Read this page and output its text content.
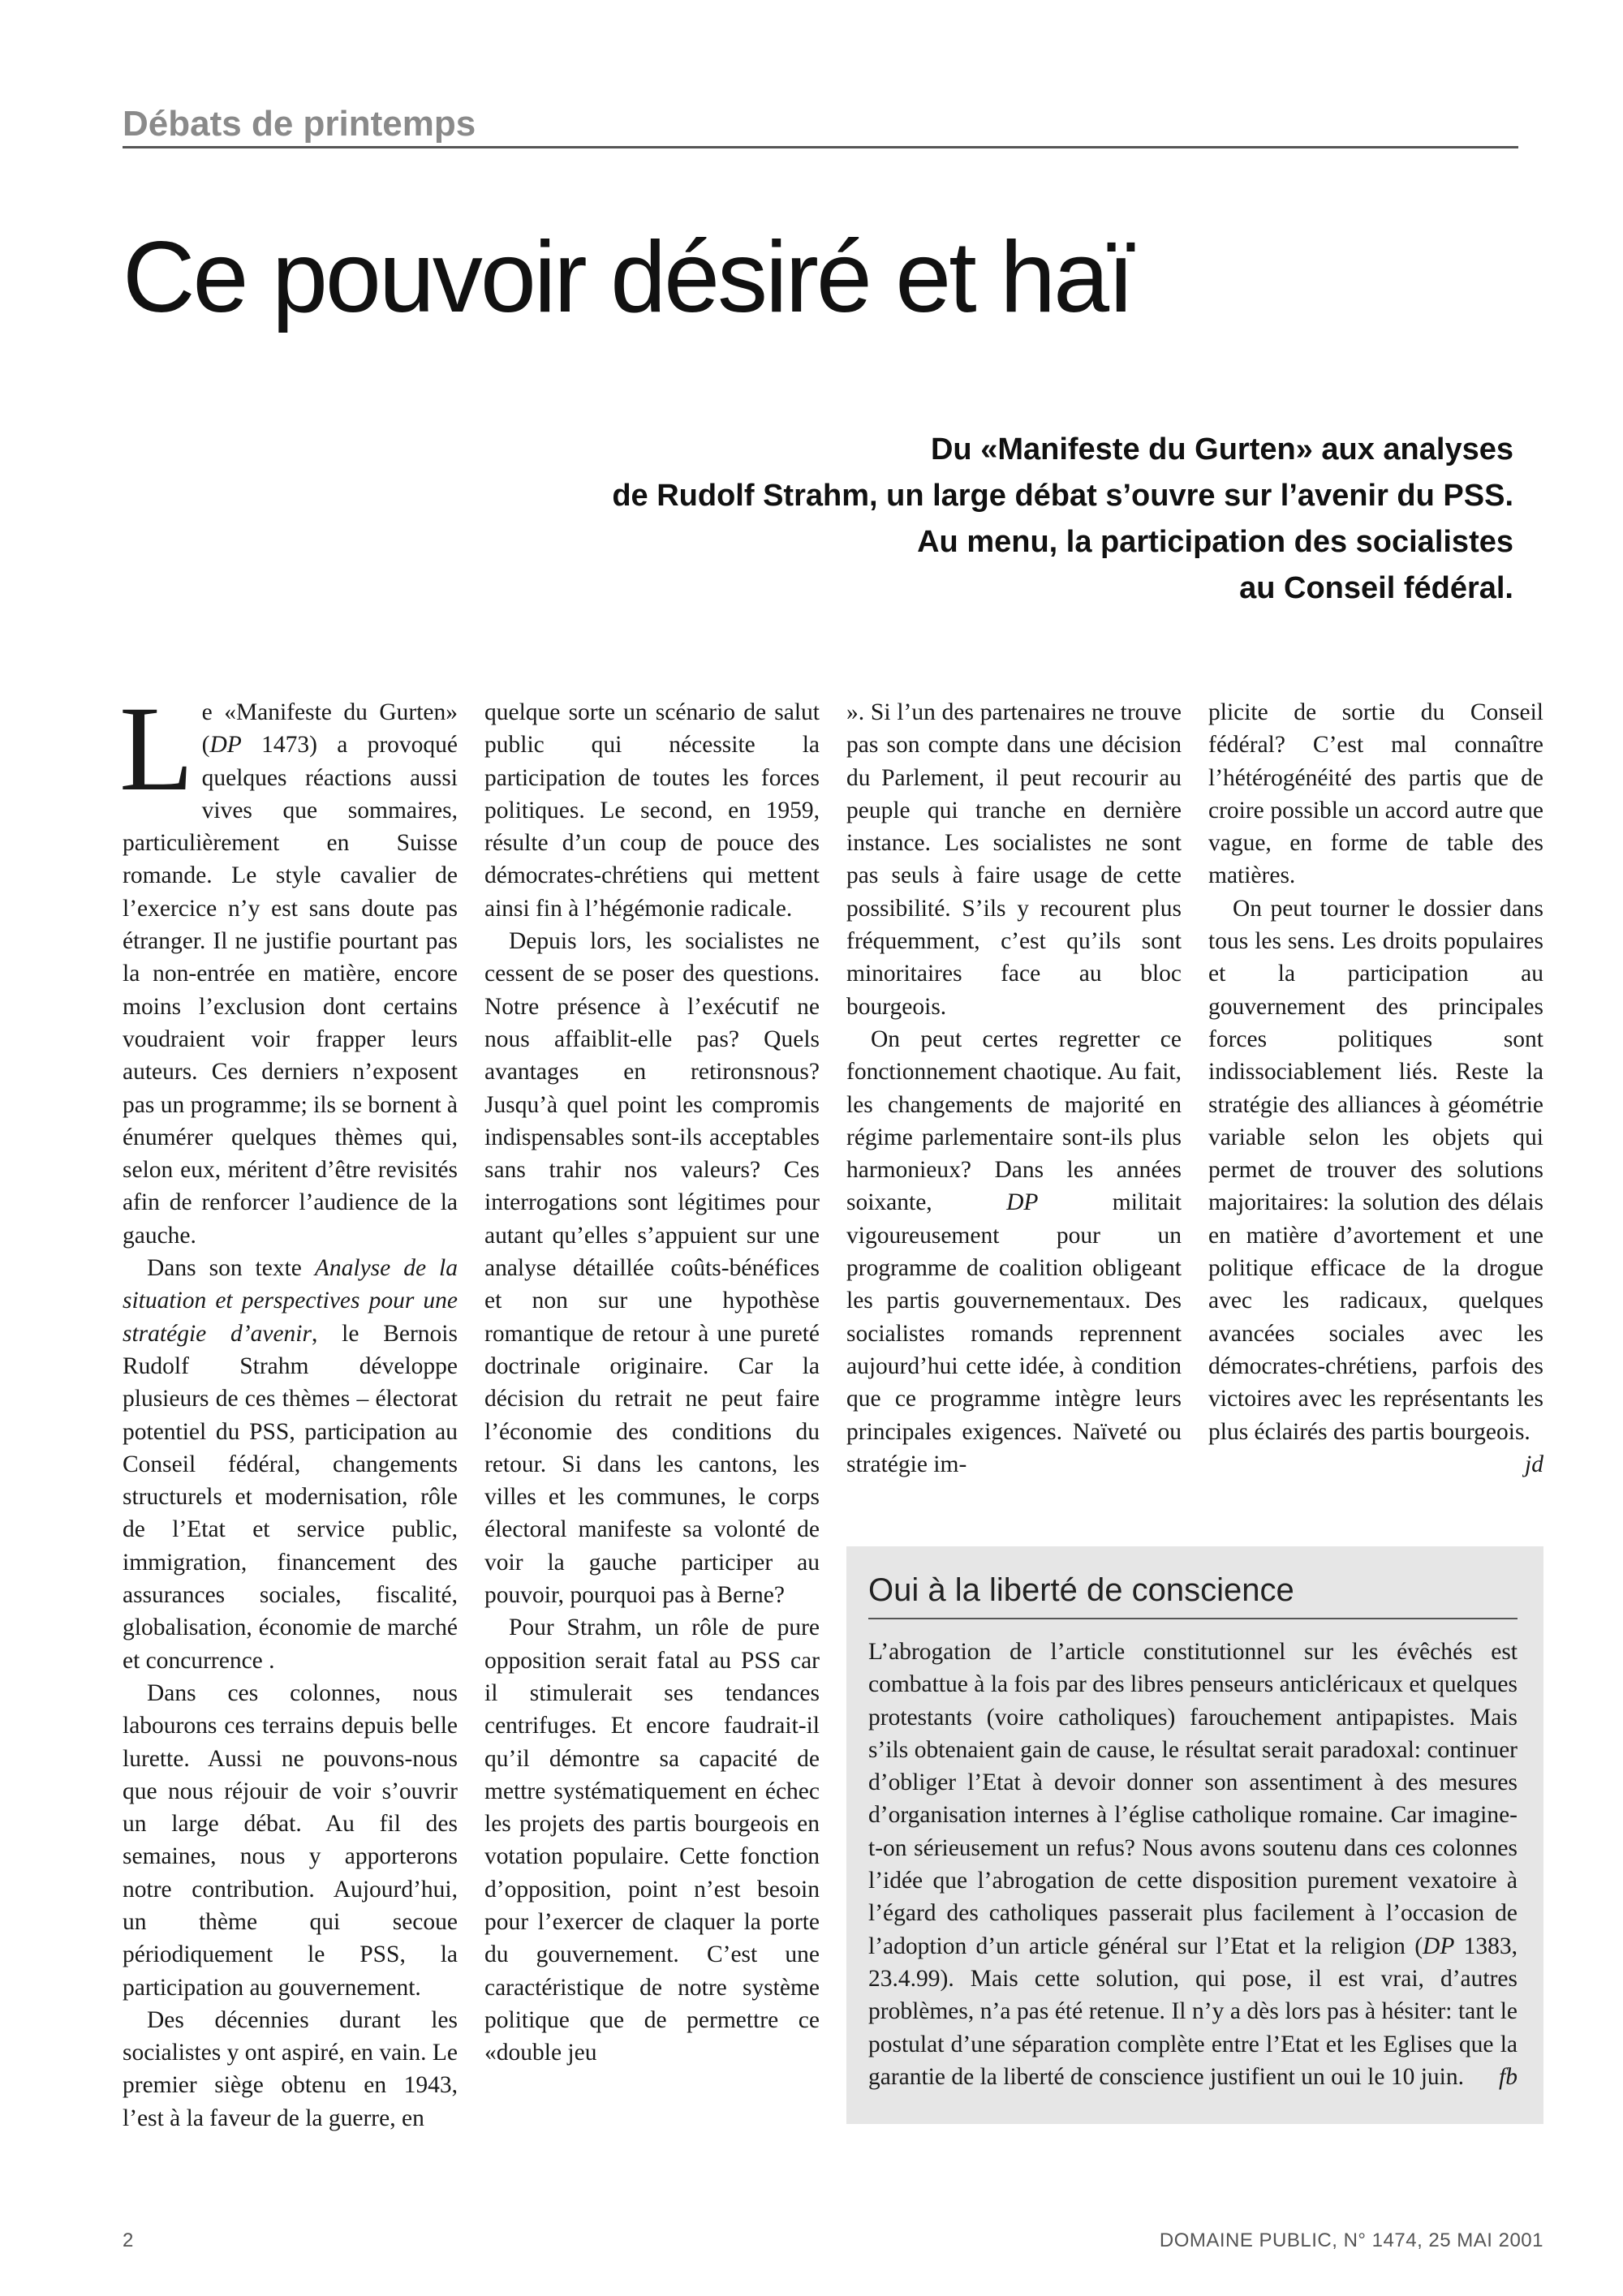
Débats de printemps
Ce pouvoir désiré et haï
Du «Manifeste du Gurten» aux analyses
de Rudolf Strahm, un large débat s’ouvre sur l’avenir du PSS.
Au menu, la participation des socialistes
au Conseil fédéral.

Le «Manifeste du Gurten» (DP 1473) a provoqué quelques réactions aussi vives que sommaires, particulièrement en Suisse romande. Le style cavalier de l’exercice n’y est sans doute pas étranger. Il ne justifie pourtant pas la non-entrée en matière, encore moins l’exclusion dont certains voudraient voir frapper leurs auteurs. Ces derniers n’exposent pas un programme; ils se bornent à énumérer quelques thèmes qui, selon eux, méritent d’être revisités afin de renforcer l’audience de la gauche.

Dans son texte Analyse de la situation et perspectives pour une stratégie d’avenir, le Bernois Rudolf Strahm développe plusieurs de ces thèmes – électorat potentiel du PSS, participation au Conseil fédéral, changements structurels et modernisation, rôle de l’Etat et service public, immigration, financement des assurances sociales, fiscalité, globalisation, économie de marché et concurrence .

Dans ces colonnes, nous labourons ces terrains depuis belle lurette. Aussi ne pouvons-nous que nous réjouir de voir s’ouvrir un large débat. Au fil des semaines, nous y apporterons notre contribution. Aujourd’hui, un thème qui secoue périodiquement le PSS, la participation au gouvernement.

Des décennies durant les socialistes y ont aspiré, en vain. Le premier siège obtenu en 1943, l’est à la faveur de la guerre, en

quelque sorte un scénario de salut public qui nécessite la participation de toutes les forces politiques. Le second, en 1959, résulte d’un coup de pouce des démocrates-chrétiens qui mettent ainsi fin à l’hégémonie radicale.

Depuis lors, les socialistes ne cessent de se poser des questions. Notre présence à l’exécutif ne nous affaiblit-elle pas? Quels avantages en retironsnous? Jusqu’à quel point les compromis indispensables sont-ils acceptables sans trahir nos valeurs? Ces interrogations sont légitimes pour autant qu’elles s’appuient sur une analyse détaillée coûts-bénéfices et non sur une hypothèse romantique de retour à une pureté doctrinale originaire. Car la décision du retrait ne peut faire l’économie des conditions du retour. Si dans les cantons, les villes et les communes, le corps électoral manifeste sa volonté de voir la gauche participer au pouvoir, pourquoi pas à Berne?

Pour Strahm, un rôle de pure opposition serait fatal au PSS car il stimulerait ses tendances centrifuges. Et encore faudrait-il qu’il démontre sa capacité de mettre systématiquement en échec les projets des partis bourgeois en votation populaire. Cette fonction d’opposition, point n’est besoin pour l’exercer de claquer la porte du gouvernement. C’est une caractéristique de notre système politique que de permettre ce «double jeu

». Si l’un des partenaires ne trouve pas son compte dans une décision du Parlement, il peut recourir au peuple qui tranche en dernière instance. Les socialistes ne sont pas seuls à faire usage de cette possibilité. S’ils y recourent plus fréquemment, c’est qu’ils sont minoritaires face au bloc bourgeois.

On peut certes regretter ce fonctionnement chaotique. Au fait, les changements de majorité en régime parlementaire sont-ils plus harmonieux? Dans les années soixante, DP militait vigoureusement pour un programme de coalition obligeant les partis gouvernementaux. Des socialistes romands reprennent aujourd’hui cette idée, à condition que ce programme intègre leurs principales exigences. Naïveté ou stratégie im-

plicite de sortie du Conseil fédéral? C’est mal connaître l’hétérogénéité des partis que de croire possible un accord autre que vague, en forme de table des matières.

On peut tourner le dossier dans tous les sens. Les droits populaires et la participation au gouvernement des principales forces politiques sont indissociablement liés. Reste la stratégie des alliances à géométrie variable selon les objets qui permet de trouver des solutions majoritaires: la solution des délais en matière d’avortement et une politique efficace de la drogue avec les radicaux, quelques avancées sociales avec les démocrates-chrétiens, parfois des victoires avec les représentants les plus éclairés des partis bourgeois.
jd

Oui à la liberté de conscience

L’abrogation de l’article constitutionnel sur les évêchés est combattue à la fois par des libres penseurs anticléricaux et quelques protestants (voire catholiques) farouchement antipapistes. Mais s’ils obtenaient gain de cause, le résultat serait paradoxal: continuer d’obliger l’Etat à devoir donner son assentiment à des mesures d’organisation internes à l’église catholique romaine. Car imagine-t-on sérieusement un refus? Nous avons soutenu dans ces colonnes l’idée que l’abrogation de cette disposition purement vexatoire à l’égard des catholiques passerait plus facilement à l’occasion de l’adoption d’un article général sur l’Etat et la religion (DP 1383, 23.4.99). Mais cette solution, qui pose, il est vrai, d’autres problèmes, n’a pas été retenue. Il n’y a dès lors pas à hésiter: tant le postulat d’une séparation complète entre l’Etat et les Eglises que la garantie de la liberté de conscience justifient un oui le 10 juin. fb

2	DOMAINE PUBLIC, N° 1474, 25 MAI 2001
